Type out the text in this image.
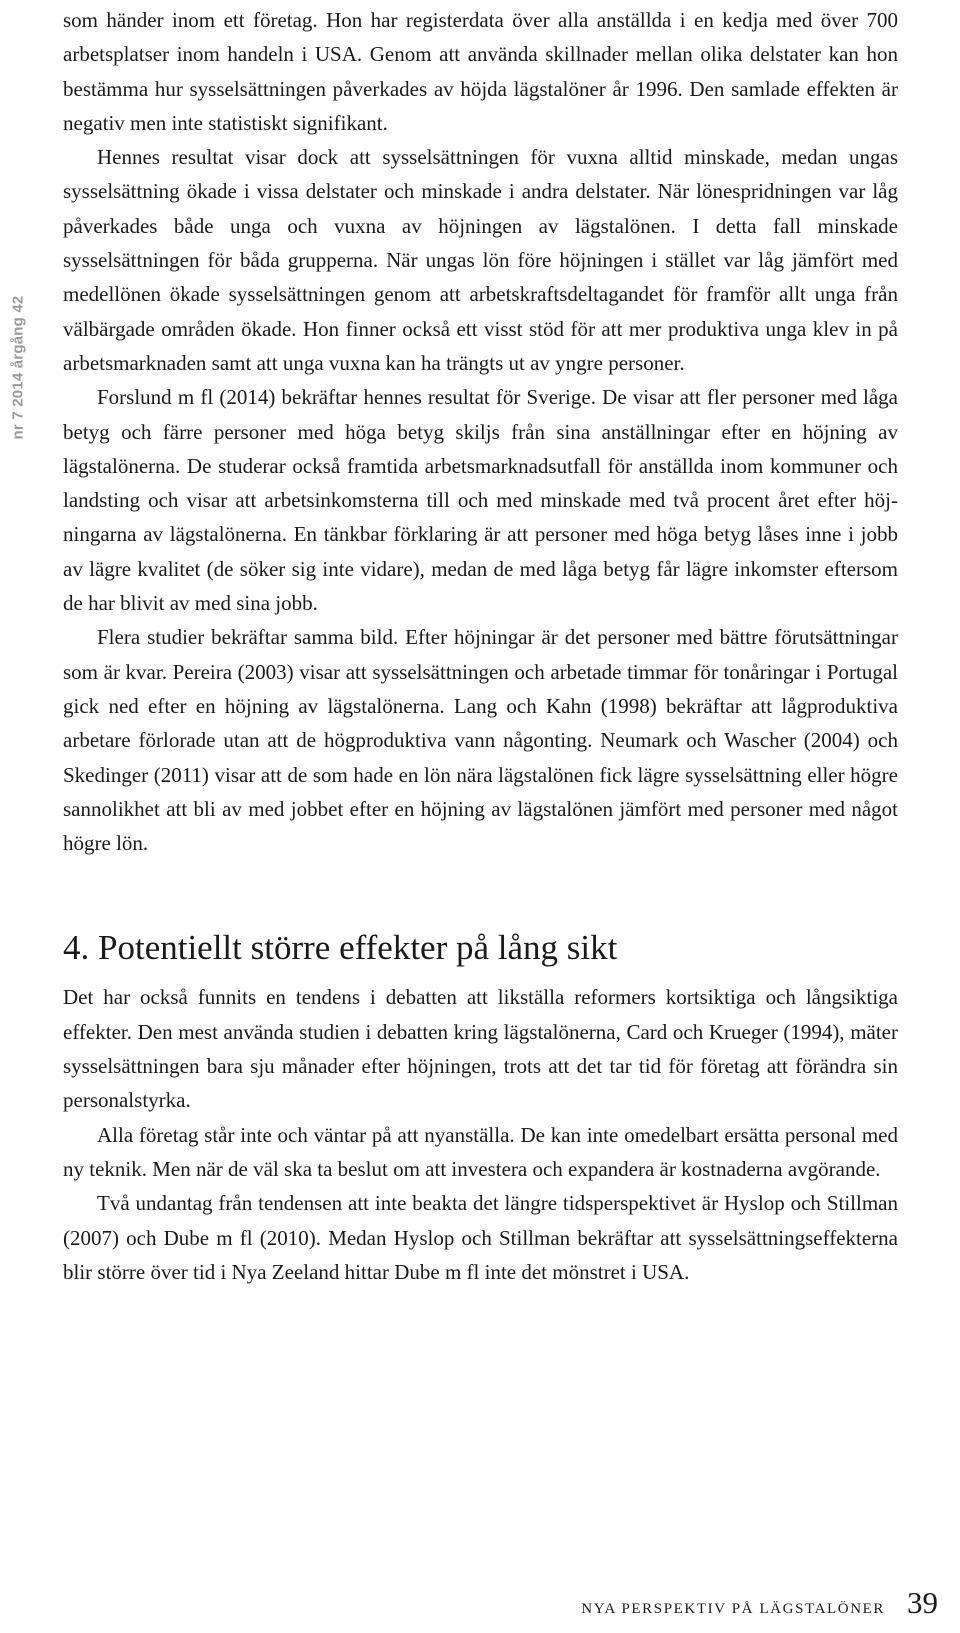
nr 7 2014 årgång 42

som händer inom ett företag. Hon har registerdata över alla anställda i en kedja med över 700 arbetsplatser inom handeln i USA. Genom att använda skillnader mellan olika delstater kan hon bestämma hur sysselsättningen påverkades av höjda lägstalöner år 1996. Den samlade effekten är negativ men inte statistiskt signifikant.

Hennes resultat visar dock att sysselsättningen för vuxna alltid minskade, medan ungas sysselsättning ökade i vissa delstater och minskade i andra delstater. När lönespridningen var låg påverkades både unga och vuxna av höjningen av lägstalönen. I detta fall minskade sysselsättningen för båda grupperna. När ungas lön före höjningen i stället var låg jämfört med medellönen ökade sysselsättningen genom att arbetskraftsdeltagandet för framför allt unga från välbärgade områden ökade. Hon finner också ett visst stöd för att mer produktiva unga klev in på arbetsmarknaden samt att unga vuxna kan ha trängts ut av yngre personer.

Forslund m fl (2014) bekräftar hennes resultat för Sverige. De visar att fler personer med låga betyg och färre personer med höga betyg skiljs från sina anställningar efter en höjning av lägstalönerna. De studerar också framtida arbetsmarknadsutfall för anställda inom kommuner och landsting och visar att arbetsinkomsterna till och med minskade med två procent året efter höjningarna av lägstalönerna. En tänkbar förklaring är att personer med höga betyg låses inne i jobb av lägre kvalitet (de söker sig inte vidare), medan de med låga betyg får lägre inkomster eftersom de har blivit av med sina jobb.

Flera studier bekräftar samma bild. Efter höjningar är det personer med bättre förutsättningar som är kvar. Pereira (2003) visar att sysselsättningen och arbetade timmar för tonåringar i Portugal gick ned efter en höjning av lägstalönerna. Lang och Kahn (1998) bekräftar att lågproduktiva arbetare förlorade utan att de högproduktiva vann någonting. Neumark och Wascher (2004) och Skedinger (2011) visar att de som hade en lön nära lägstalönen fick lägre sysselsättning eller högre sannolikhet att bli av med jobbet efter en höjning av lägstalönen jämfört med personer med något högre lön.

4. Potentiellt större effekter på lång sikt

Det har också funnits en tendens i debatten att likställa reformers kortsiktiga och långsiktiga effekter. Den mest använda studien i debatten kring lägstalönerna, Card och Krueger (1994), mäter sysselsättningen bara sju månader efter höjningen, trots att det tar tid för företag att förändra sin personalstyrka.

Alla företag står inte och väntar på att nyanställa. De kan inte omedelbart ersätta personal med ny teknik. Men när de väl ska ta beslut om att investera och expandera är kostnaderna avgörande.

Två undantag från tendensen att inte beakta det längre tidsperspektivet är Hyslop och Stillman (2007) och Dube m fl (2010). Medan Hyslop och Stillman bekräftar att sysselsättningseffekterna blir större över tid i Nya Zeeland hittar Dube m fl inte det mönstret i USA.

NYA PERSPEKTIV PÅ LÄGSTALÖNER 39
